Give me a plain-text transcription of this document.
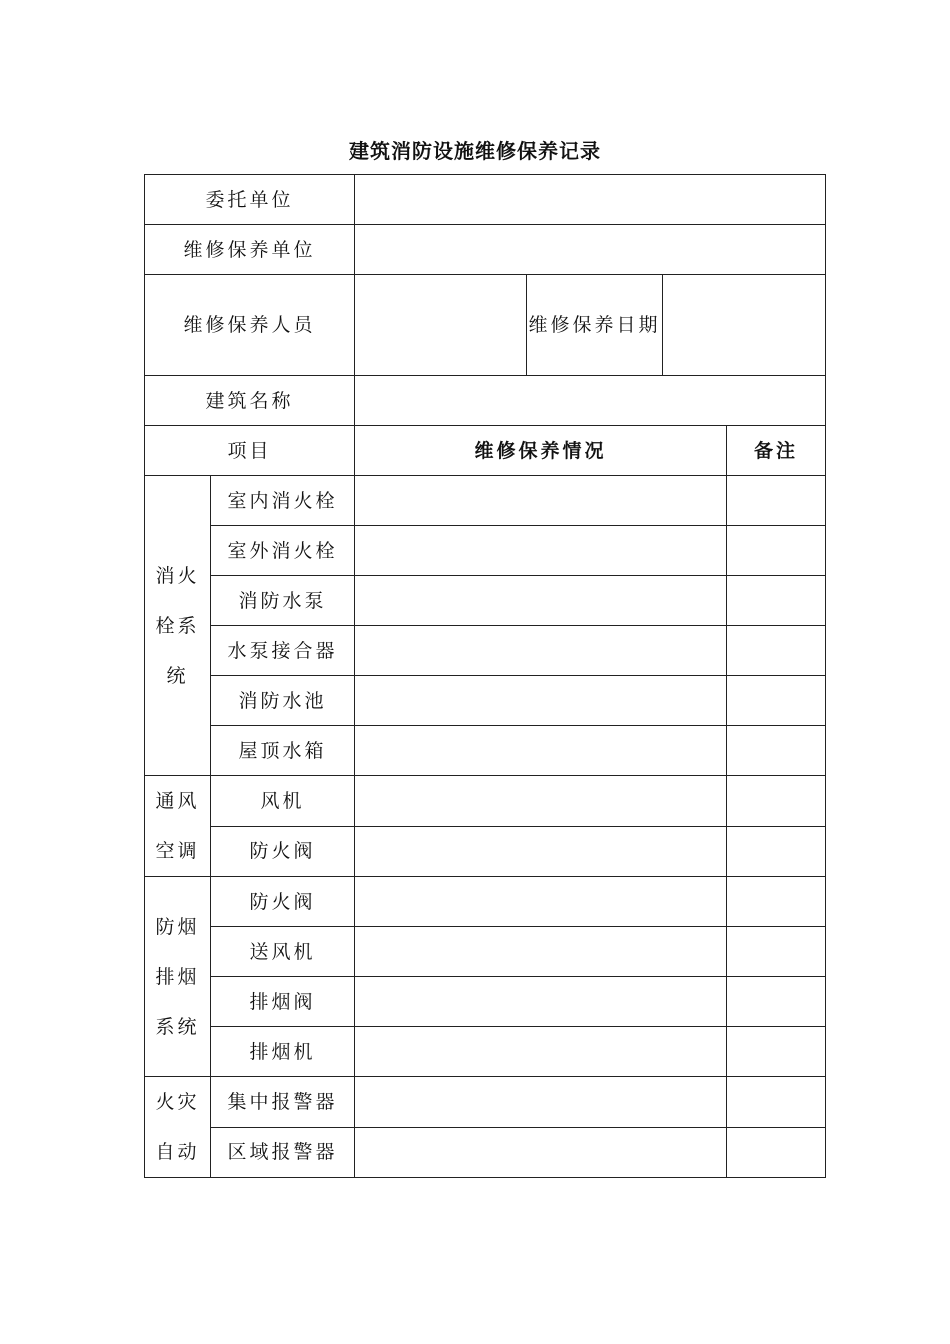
建筑消防设施维修保养记录
委托单位					
维修保养单位					
维修保养人员			维修保养日期		
建筑名称					
项目		维修保养情况			备注
消火栓系统	室内消火栓				
	室外消火栓				
	消防水泵				
	水泵接合器				
	消防水池				
	屋顶水箱				
通风空调	风机				
	防火阀				
防烟排烟系统	防火阀				
	送风机				
	排烟阀				
	排烟机				
火灾自动	集中报警器				
	区域报警器				
